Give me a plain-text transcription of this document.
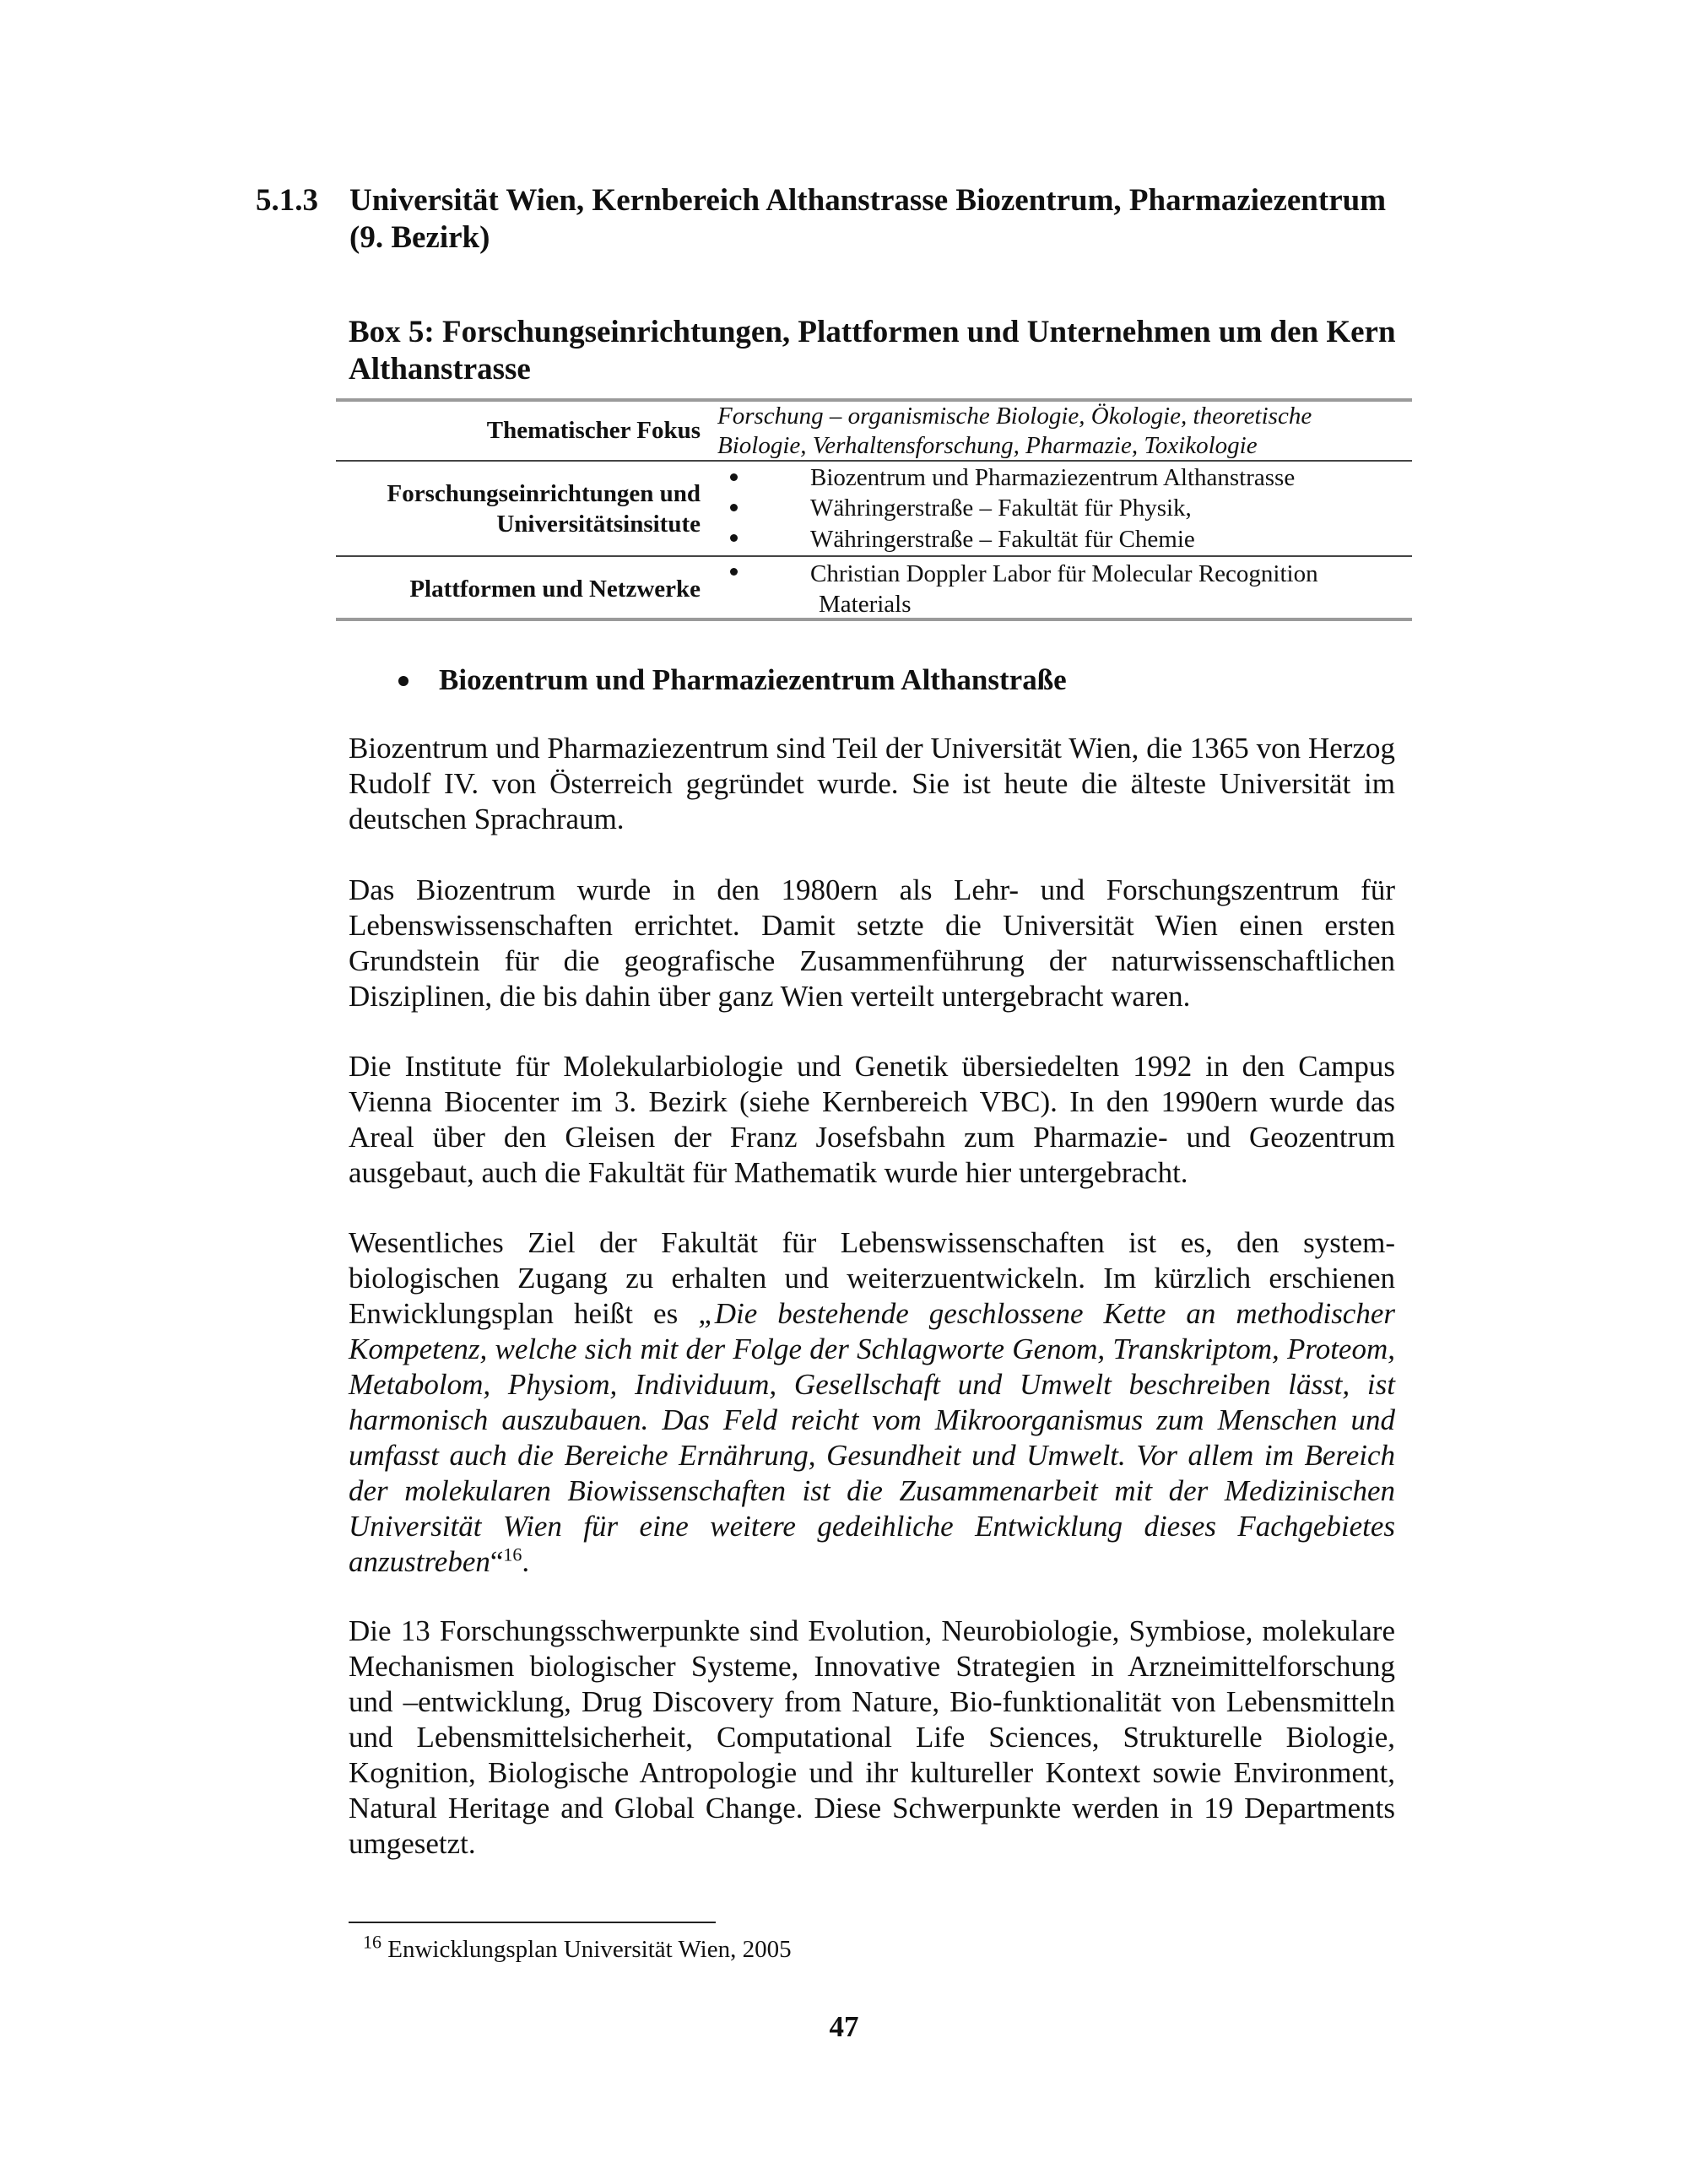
5.1.3 Universität Wien, Kernbereich Althanstrasse Biozentrum, Pharmaziezentrum
(9. Bezirk)
Box 5: Forschungseinrichtungen, Plattformen und Unternehmen um den Kern
Althanstrasse
Thematischer Fokus
Forschung – organismische Biologie, Ökologie, theoretische
Biologie, Verhaltensforschung, Pharmazie, Toxikologie
Forschungseinrichtungen und
Universitätsinsitute
Biozentrum und Pharmaziezentrum Althanstrasse
Währingerstraße – Fakultät für Physik,
Währingerstraße – Fakultät für Chemie
Plattformen und Netzwerke
Christian Doppler Labor für Molecular Recognition
Materials
Biozentrum und Pharmaziezentrum Althanstraße

Biozentrum und Pharmaziezentrum sind Teil der Universität Wien, die 1365 von Herzog Rudolf IV. von Österreich gegründet wurde. Sie ist heute die älteste Universität im deutschen Sprachraum.

Das Biozentrum wurde in den 1980ern als Lehr- und Forschungszentrum für Lebenswissenschaften errichtet. Damit setzte die Universität Wien einen ersten Grundstein für die geografische Zusammenführung der naturwissenschaftlichen Disziplinen, die bis dahin über ganz Wien verteilt untergebracht waren.

Die Institute für Molekularbiologie und Genetik übersiedelten 1992 in den Campus Vienna Biocenter im 3. Bezirk (siehe Kernbereich VBC). In den 1990ern wurde das Areal über den Gleisen der Franz Josefsbahn zum Pharmazie- und Geozentrum ausgebaut, auch die Fakultät für Mathematik wurde hier untergebracht.

Wesentliches Ziel der Fakultät für Lebenswissenschaften ist es, den system-biologischen Zugang zu erhalten und weiterzuentwickeln. Im kürzlich erschienen Enwicklungsplan heißt es „Die bestehende geschlossene Kette an methodischer Kompetenz, welche sich mit der Folge der Schlagworte Genom, Transkriptom, Proteom, Metabolom, Physiom, Individuum, Gesellschaft und Umwelt beschreiben lässt, ist harmonisch auszubauen. Das Feld reicht vom Mikroorganismus zum Menschen und umfasst auch die Bereiche Ernährung, Gesundheit und Umwelt. Vor allem im Bereich der molekularen Biowissenschaften ist die Zusammenarbeit mit der Medizinischen Universität Wien für eine weitere gedeihliche Entwicklung dieses Fachgebietes anzustreben“$^{16}$.

Die 13 Forschungsschwerpunkte sind Evolution, Neurobiologie, Symbiose, molekulare Mechanismen biologischer Systeme, Innovative Strategien in Arzneimittelforschung und –entwicklung, Drug Discovery from Nature, Bio-funktionalität von Lebensmitteln und Lebensmittelsicherheit, Computational Life Sciences, Strukturelle Biologie, Kognition, Biologische Antropologie und ihr kultureller Kontext sowie Environment, Natural Heritage and Global Change. Diese Schwerpunkte werden in 19 Departments umgesetzt.

$^{16}$ Enwicklungsplan Universität Wien, 2005
47
